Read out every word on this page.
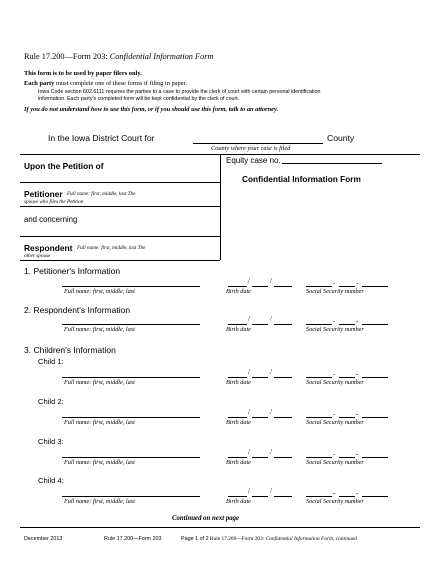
Rule 17.200—Form 203: Confidential Information Form
This form is to be used by paper filers only.
Each party must complete one of these forms if filing in paper.
Iowa Code section 602.6111 requires the parties to a case to provide the clerk of court with certain personal identification
information. Each party's completed form will be kept confidential by the clerk of court.
If you do not understand how to use this form, or if you should use this form, talk to an attorney.
In the Iowa District Court for	County
County where your case is filed
Upon the Petition of
Equity case no.
Confidential Information Form
Petitioner Full name: first, middle, last The
spouse who files the Petition
and concerning
Respondent Full name: first, middle, last The
other spouse
1. Petitioner's Information
/	/	-	-
Full name: first, middle, last	Birth date	Social Security number
2. Respondent's Information
/	/	-	-
Full name: first, middle, last	Birth date	Social Security number
3. Children's Information
Child 1:
/	/	-	-
Full name: first, middle, last	Birth date	Social Security number
Child 2:
/	/	-	-
Full name: first, middle, last	Birth date	Social Security number
Child 3:
/	/	-	-
Full name: first, middle, last	Birth date	Social Security number
Child 4:
/	/	-	-
Full name: first, middle, last	Birth date	Social Security number
Continued on next page
December 2013	Rule 17.200—Form 203	Page 1 of 2 Rule 17.200—Form 203: Confidential Information Form, continued
